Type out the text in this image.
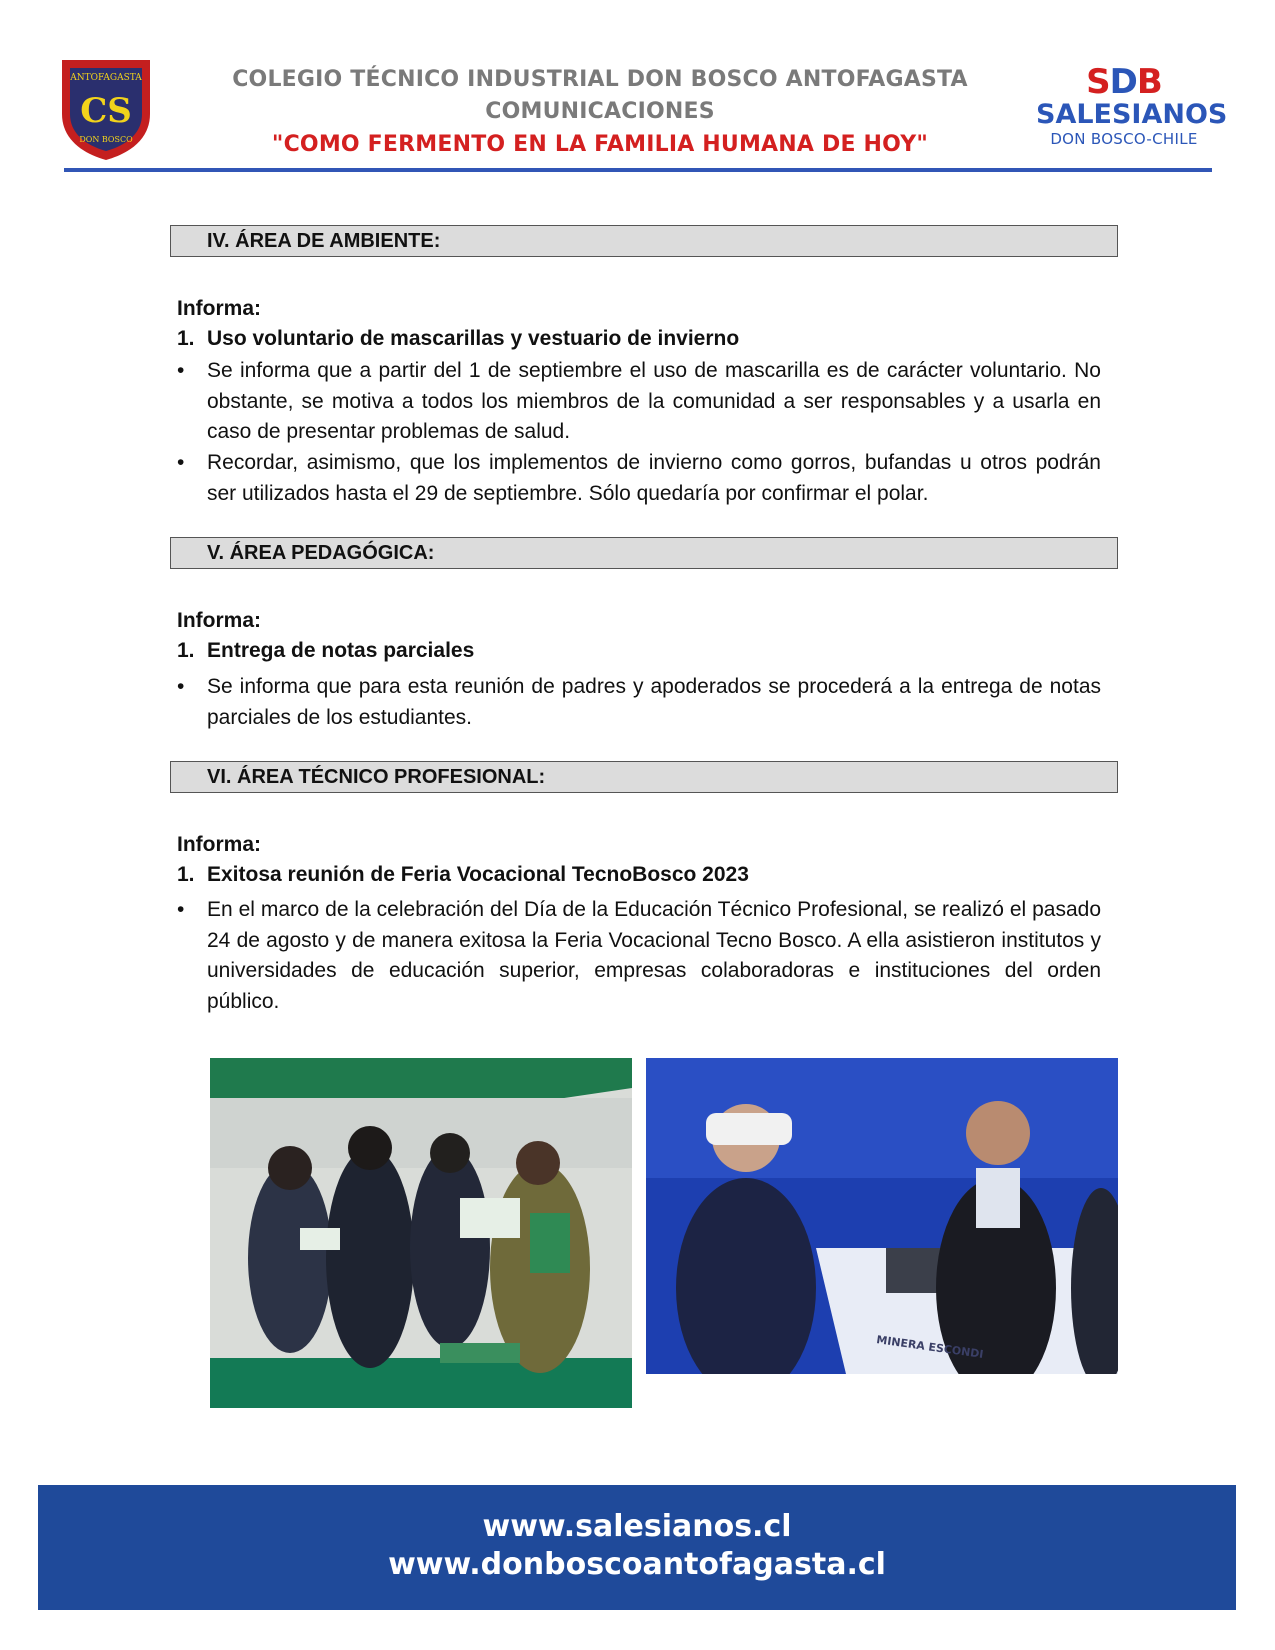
ANTOFAGASTA
CS
DON BOSCO
COLEGIO TÉCNICO INDUSTRIAL DON BOSCO ANTOFAGASTA
COMUNICACIONES
"COMO FERMENTO EN LA FAMILIA HUMANA DE HOY"
SDB
SALESIANOS
DON BOSCO-CHILE
IV. ÁREA DE AMBIENTE:
Informa:
1. Uso voluntario de mascarillas y vestuario de invierno
•	Se informa que a partir del 1 de septiembre el uso de mascarilla es de carácter voluntario. No obstante, se motiva a todos los miembros de la comunidad a ser responsables y a usarla en caso de presentar problemas de salud.
•	Recordar, asimismo, que los implementos de invierno como gorros, bufandas u otros podrán ser utilizados hasta el 29 de septiembre. Sólo quedaría por confirmar el polar.
V. ÁREA PEDAGÓGICA:
Informa:
1. Entrega de notas parciales
•	Se informa que para esta reunión de padres y apoderados se procederá a la entrega de notas parciales de los estudiantes.
VI. ÁREA TÉCNICO PROFESIONAL:
Informa:
1. Exitosa reunión de Feria Vocacional TecnoBosco 2023
•	En el marco de la celebración del Día de la Educación Técnico Profesional, se realizó el pasado 24 de agosto y de manera exitosa la Feria Vocacional Tecno Bosco. A ella asistieron institutos y universidades de educación superior, empresas colaboradoras e instituciones del orden público.
MINERA ESCONDI
www.salesianos.cl
www.donboscoantofagasta.cl
